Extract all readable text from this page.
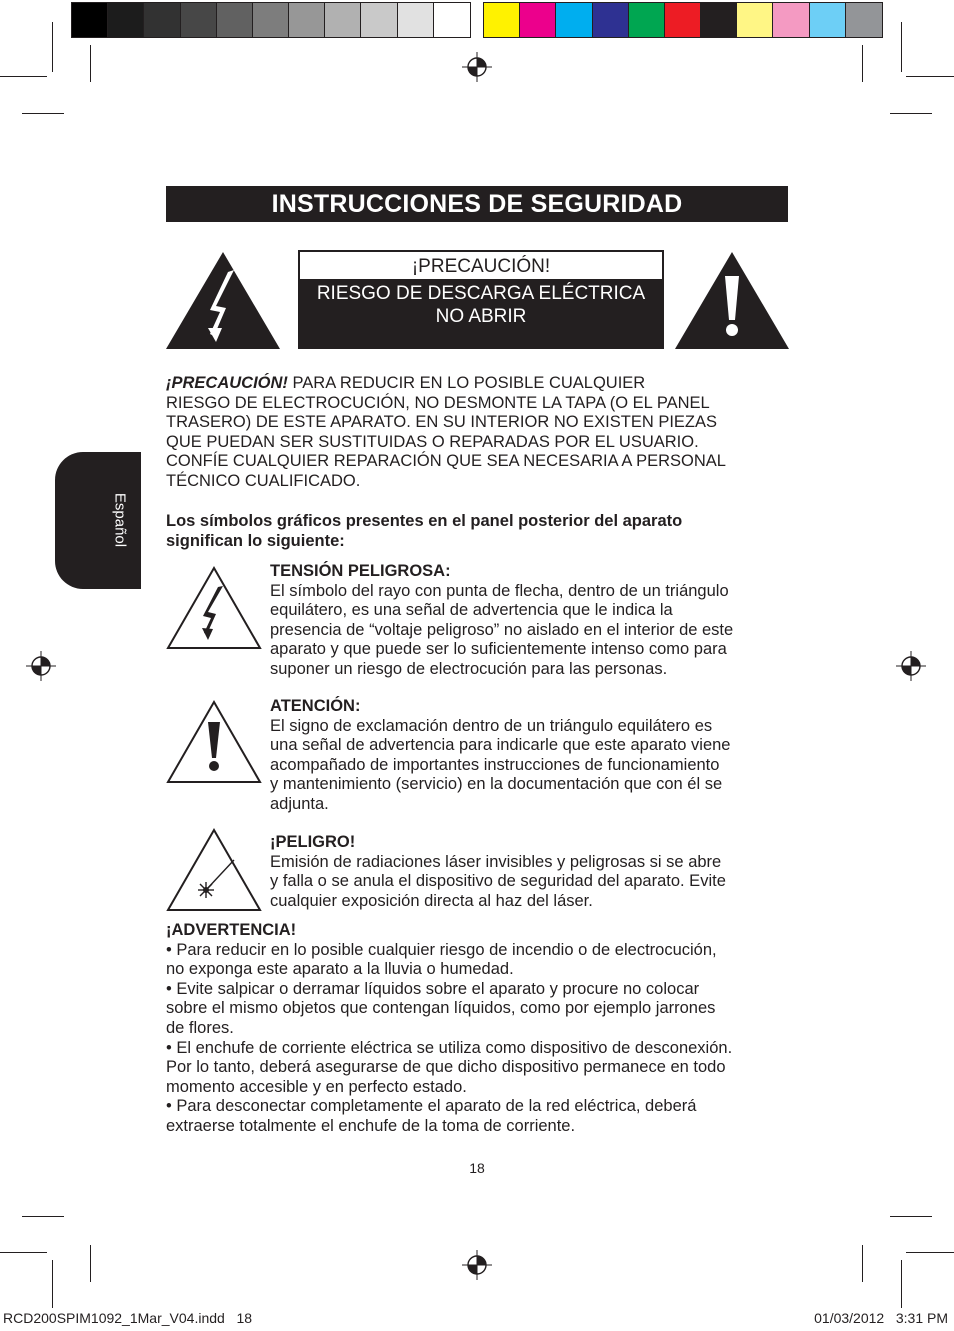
INSTRUCCIONES DE SEGURIDAD
¡PRECAUCIÓN!
RIESGO DE DESCARGA ELÉCTRICA
NO ABRIR
Español
¡PRECAUCIÓN! PARA REDUCIR EN LO POSIBLE CUALQUIER
RIESGO DE ELECTROCUCIÓN, NO DESMONTE LA TAPA (O EL PANEL
TRASERO) DE ESTE APARATO. EN SU INTERIOR NO EXISTEN PIEZAS
QUE PUEDAN SER SUSTITUIDAS O REPARADAS POR EL USUARIO.
CONFÍE CUALQUIER REPARACIÓN QUE SEA NECESARIA A PERSONAL
TÉCNICO CUALIFICADO.
Los símbolos gráficos presentes en el panel posterior del aparato
significan lo siguiente:
TENSIÓN PELIGROSA:
El símbolo del rayo con punta de flecha, dentro de un triángulo
equilátero, es una señal de advertencia que le indica la
presencia de “voltaje peligroso” no aislado en el interior de este
aparato y que puede ser lo suficientemente intenso como para
suponer un riesgo de electrocución para las personas.
ATENCIÓN:
El signo de exclamación dentro de un triángulo equilátero es
una señal de advertencia para indicarle que este aparato viene
acompañado de importantes instrucciones de funcionamiento
y mantenimiento (servicio) en la documentación que con él se
adjunta.
¡PELIGRO!
Emisión de radiaciones láser invisibles y peligrosas si se abre
y falla o se anula el dispositivo de seguridad del aparato. Evite
cualquier exposición directa al haz del láser.
¡ADVERTENCIA!
• Para reducir en lo posible cualquier riesgo de incendio o de electrocución,
no exponga este aparato a la lluvia o humedad.
• Evite salpicar o derramar líquidos sobre el aparato y procure no colocar
sobre el mismo objetos que contengan líquidos, como por ejemplo jarrones
de flores.
• El enchufe de corriente eléctrica se utiliza como dispositivo de desconexión.
Por lo tanto, deberá asegurarse de que dicho dispositivo permanece en todo
momento accesible y en perfecto estado.
• Para desconectar completamente el aparato de la red eléctrica, deberá
extraerse totalmente el enchufe de la toma de corriente.
18
RCD200SPIM1092_1Mar_V04.indd   18	01/03/2012   3:31 PM
